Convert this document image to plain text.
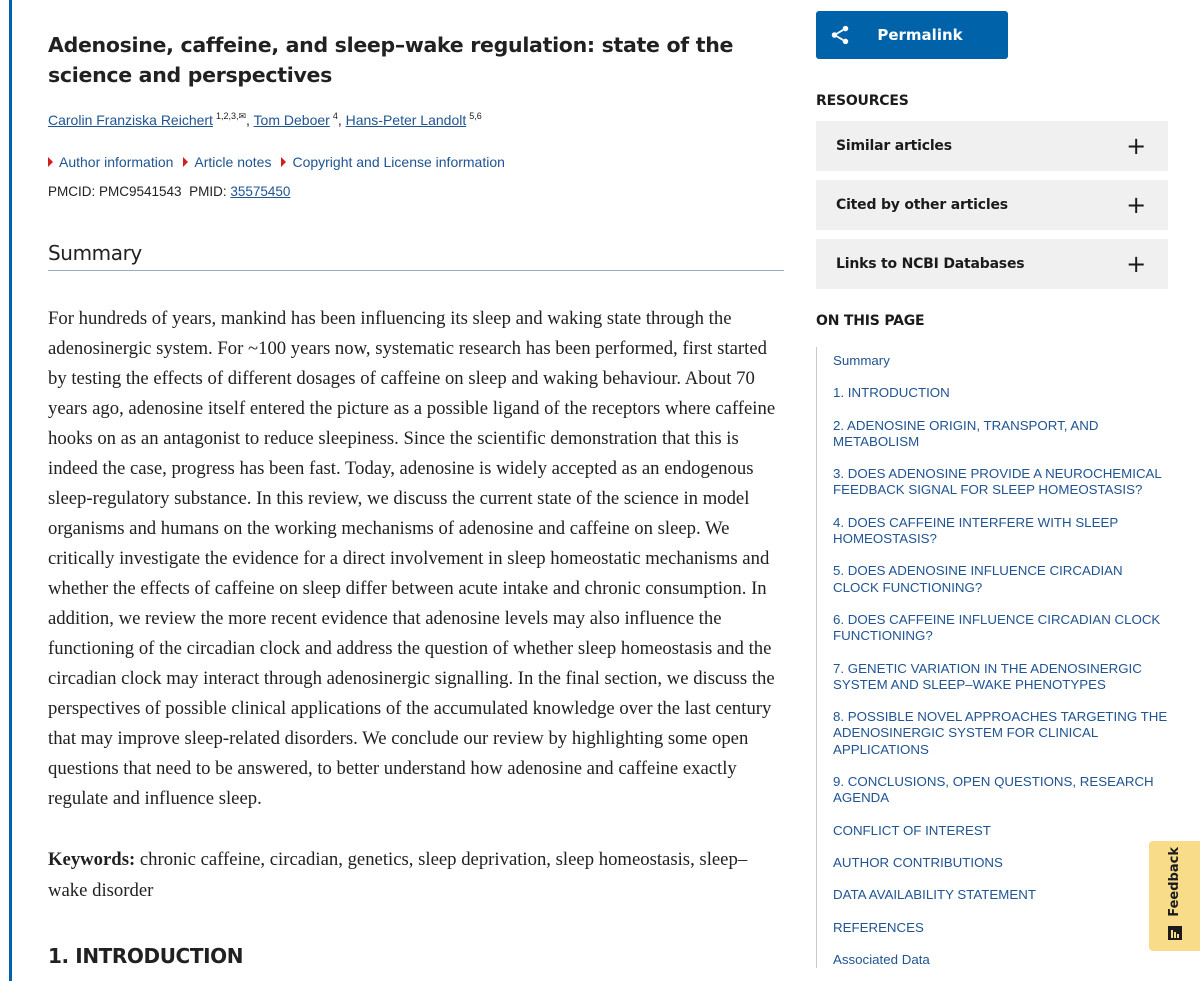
Adenosine, caffeine, and sleep–wake regulation: state of the science and perspectives
Carolin Franziska Reichert $^{1,2,3,✉}$, Tom Deboer $^4$, Hans-Peter Landolt $^{5,6}$
Author information Article notes Copyright and License information
PMCID: PMC9541543 PMID: 35575450
Summary

For hundreds of years, mankind has been influencing its sleep and waking state through the adenosinergic system. For ~100 years now, systematic research has been performed, first started by testing the effects of different dosages of caffeine on sleep and waking behaviour. About 70 years ago, adenosine itself entered the picture as a possible ligand of the receptors where caffeine hooks on as an antagonist to reduce sleepiness. Since the scientific demonstration that this is indeed the case, progress has been fast. Today, adenosine is widely accepted as an endogenous sleep-regulatory substance. In this review, we discuss the current state of the science in model organisms and humans on the working mechanisms of adenosine and caffeine on sleep. We critically investigate the evidence for a direct involvement in sleep homeostatic mechanisms and whether the effects of caffeine on sleep differ between acute intake and chronic consumption. In addition, we review the more recent evidence that adenosine levels may also influence the functioning of the circadian clock and address the question of whether sleep homeostasis and the circadian clock may interact through adenosinergic signalling. In the final section, we discuss the perspectives of possible clinical applications of the accumulated knowledge over the last century that may improve sleep-related disorders. We conclude our review by highlighting some open questions that need to be answered, to better understand how adenosine and caffeine exactly regulate and influence sleep.

Keywords: chronic caffeine, circadian, genetics, sleep deprivation, sleep homeostasis, sleep–wake disorder

1. INTRODUCTION
Permalink
RESOURCES
Similar articles	+
Cited by other articles	+
Links to NCBI Databases	+
ON THIS PAGE
Summary
1. INTRODUCTION
2. ADENOSINE ORIGIN, TRANSPORT, AND METABOLISM
3. DOES ADENOSINE PROVIDE A NEUROCHEMICAL FEEDBACK SIGNAL FOR SLEEP HOMEOSTASIS?
4. DOES CAFFEINE INTERFERE WITH SLEEP HOMEOSTASIS?
5. DOES ADENOSINE INFLUENCE CIRCADIAN CLOCK FUNCTIONING?
6. DOES CAFFEINE INFLUENCE CIRCADIAN CLOCK FUNCTIONING?
7. GENETIC VARIATION IN THE ADENOSINERGIC SYSTEM AND SLEEP–WAKE PHENOTYPES
8. POSSIBLE NOVEL APPROACHES TARGETING THE ADENOSINERGIC SYSTEM FOR CLINICAL APPLICATIONS
9. CONCLUSIONS, OPEN QUESTIONS, RESEARCH AGENDA
CONFLICT OF INTEREST
AUTHOR CONTRIBUTIONS
DATA AVAILABILITY STATEMENT
REFERENCES
Associated Data
Feedback
